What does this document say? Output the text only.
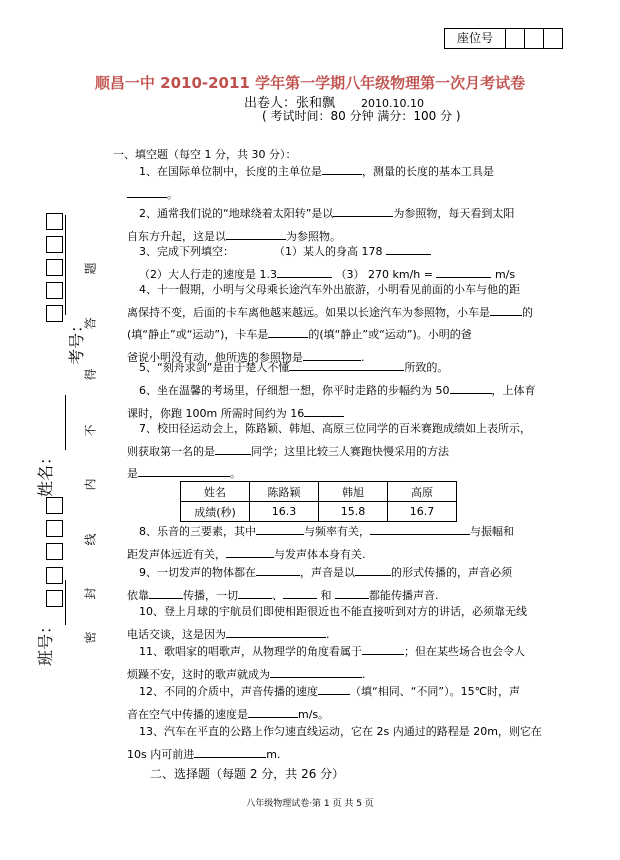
座位号
顺昌一中 2010-2011 学年第一学期八年级物理第一次月考试卷
出卷人：张和飘 2010.10.10
( 考试时间：80 分钟 满分：100 分 )
班号：
姓名：
考号：
密
封
线
内
不
得
答
题
一、填空题（每空 1 分，共 30 分）：
1、在国际单位制中，长度的主单位是	，测量的长度的基本工具是
。
2、通常我们说的“地球绕着太阳转”是以	为参照物，每天看到太阳
自东方升起，这是以	为参照物。
3、完成下列填空：	（1）某人的身高 178
（2）大人行走的速度是 1.3	（3） 270 km/h =	m/s
4、十一假期，小明与父母乘长途汽车外出旅游，小明看见前面的小车与他的距
离保持不变，后面的卡车离他越来越远。如果以长途汽车为参照物，小车是	的
(填“静止”或“运动”)，卡车是	的(填“静止”或“运动”)。小明的爸
爸说小明没有动，他所选的参照物是	.
5、“刻舟求剑”是由于楚人不懂	所致的。
6、坐在温馨的考场里，仔细想一想，你平时走路的步幅约为 50	，上体育
课时，你跑 100m 所需时间约为 16
7、校田径运动会上，陈路颖、韩旭、高原三位同学的百米赛跑成绩如上表所示，
则获取第一名的是	同学；这里比较三人赛跑快慢采用的方法
是	。
姓名	陈路颖	韩旭	高原
成绩(秒)	16.3	15.8	16.7
8、乐音的三要素，其中	与频率有关，	与振幅和
距发声体远近有关，	与发声体本身有关.
9、一切发声的物体都在	，声音是以	的形式传播的，声音必须
依靠	传播，一切	、	和	都能传播声音.
10、登上月球的宇航员们即使相距很近也不能直接听到对方的讲话，必须靠无线
电话交谈，这是因为	.
11、歌唱家的唱歌声，从物理学的角度看属于	；但在某些场合也会令人
烦躁不安，这时的歌声就成为	.
12、不同的介质中，声音传播的速度	（填“相同、“不同”）。15℃时，声
音在空气中传播的速度是	m/s。
13、汽车在平直的公路上作匀速直线运动，它在 2s 内通过的路程是 20m，则它在
10s 内可前进	m.
二、选择题（每题 2 分，共 26 分）
八年级物理试卷·第 1 页 共 5 页
